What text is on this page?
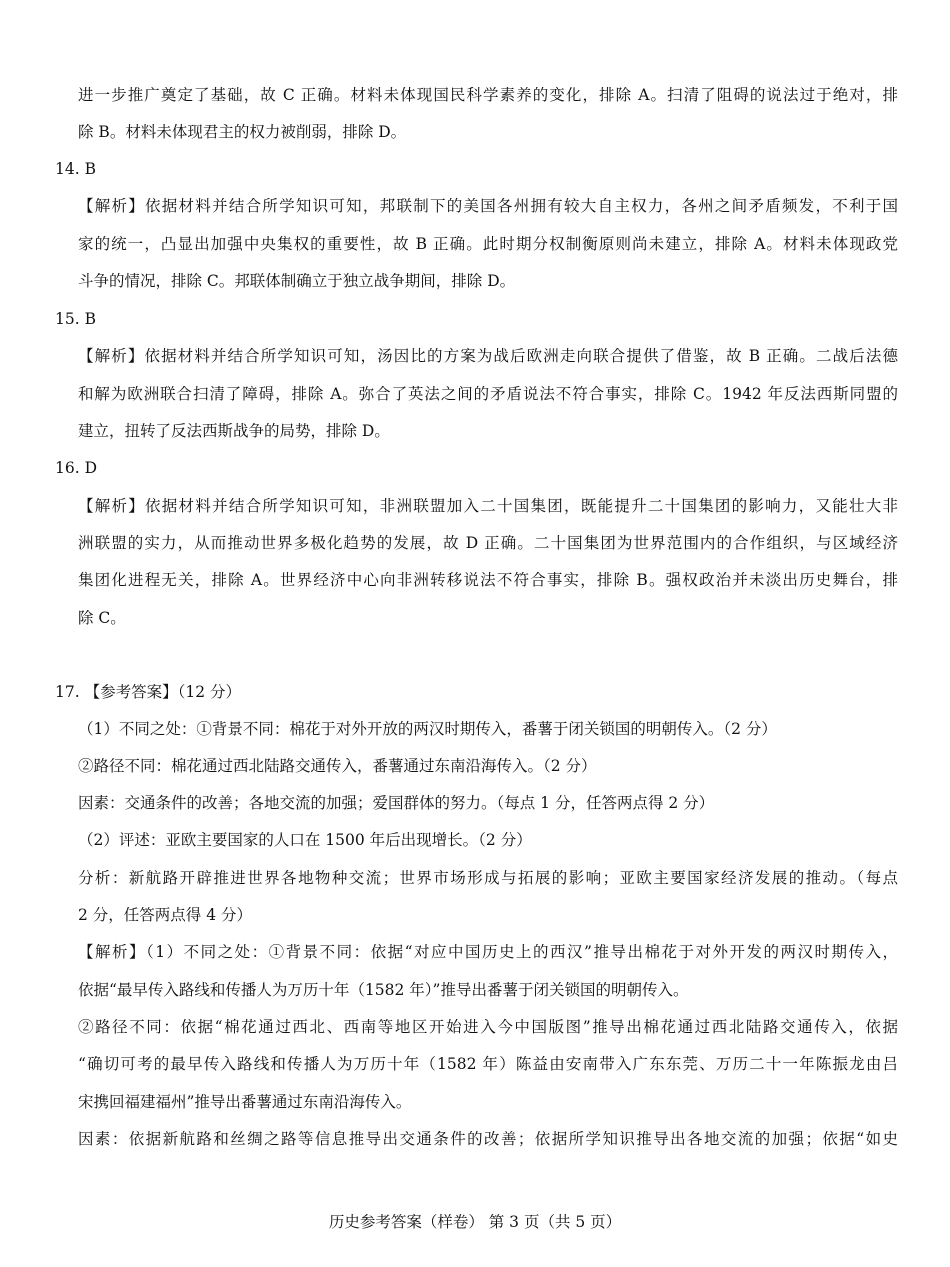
进一步推广奠定了基础，故 C 正确。材料未体现国民科学素养的变化，排除 A。扫清了阻碍的说法过于绝对，排
除 B。材料未体现君主的权力被削弱，排除 D。
14. B
【解析】依据材料并结合所学知识可知，邦联制下的美国各州拥有较大自主权力，各州之间矛盾频发，不利于国
家的统一，凸显出加强中央集权的重要性，故 B 正确。此时期分权制衡原则尚未建立，排除 A。材料未体现政党
斗争的情况，排除 C。邦联体制确立于独立战争期间，排除 D。
15. B
【解析】依据材料并结合所学知识可知，汤因比的方案为战后欧洲走向联合提供了借鉴，故 B 正确。二战后法德
和解为欧洲联合扫清了障碍，排除 A。弥合了英法之间的矛盾说法不符合事实，排除 C。1942 年反法西斯同盟的
建立，扭转了反法西斯战争的局势，排除 D。
16. D
【解析】依据材料并结合所学知识可知，非洲联盟加入二十国集团，既能提升二十国集团的影响力，又能壮大非
洲联盟的实力，从而推动世界多极化趋势的发展，故 D 正确。二十国集团为世界范围内的合作组织，与区域经济
集团化进程无关，排除 A。世界经济中心向非洲转移说法不符合事实，排除 B。强权政治并未淡出历史舞台，排
除 C。
17. 【参考答案】（12 分）
（1）不同之处：①背景不同：棉花于对外开放的两汉时期传入，番薯于闭关锁国的明朝传入。（2 分）
②路径不同：棉花通过西北陆路交通传入，番薯通过东南沿海传入。（2 分）
因素：交通条件的改善；各地交流的加强；爱国群体的努力。（每点 1 分，任答两点得 2 分）
（2）评述：亚欧主要国家的人口在 1500 年后出现增长。（2 分）
分析：新航路开辟推进世界各地物种交流；世界市场形成与拓展的影响；亚欧主要国家经济发展的推动。（每点
2 分，任答两点得 4 分）
【解析】（1）不同之处：①背景不同：依据“对应中国历史上的西汉”推导出棉花于对外开发的两汉时期传入，
依据“最早传入路线和传播人为万历十年（1582 年）”推导出番薯于闭关锁国的明朝传入。
②路径不同：依据“棉花通过西北、西南等地区开始进入今中国版图”推导出棉花通过西北陆路交通传入，依据
“确切可考的最早传入路线和传播人为万历十年（1582 年）陈益由安南带入广东东莞、万历二十一年陈振龙由吕
宋携回福建福州”推导出番薯通过东南沿海传入。
因素：依据新航路和丝绸之路等信息推导出交通条件的改善；依据所学知识推导出各地交流的加强；依据“如史
历史参考答案（样卷） 第 3 页（共 5 页）
